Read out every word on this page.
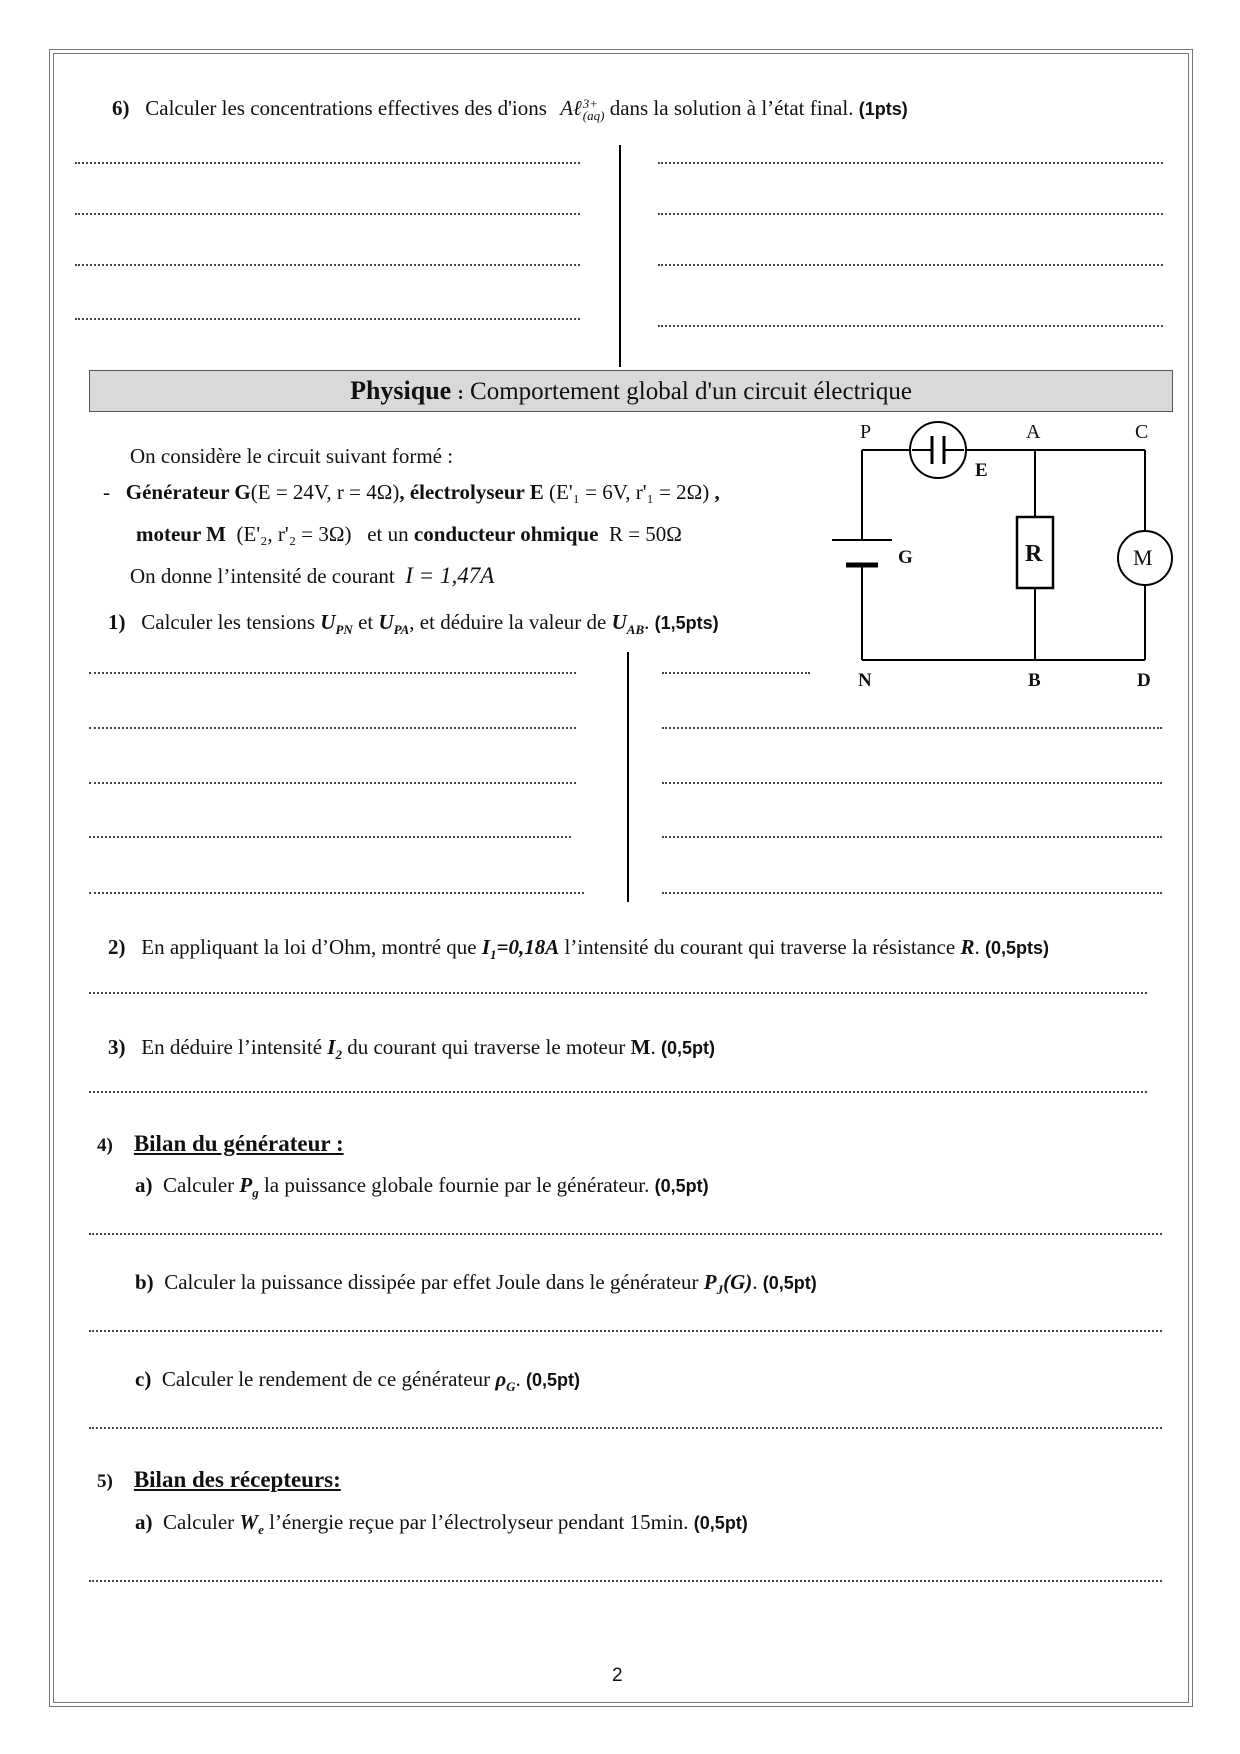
6) Calculer les concentrations effectives des d'ions Aℓ 3+
(aq) dans la solution à l’état final. (1pts)
Physique : Comportement global d'un circuit électrique
On considère le circuit suivant formé :
- Générateur G(E = 24V, r = 4Ω), électrolyseur E (E'₁ = 6V, r'₁ = 2Ω) ,
moteur M (E'₂, r'₂ = 3Ω) et un conducteur ohmique R = 50Ω
On donne l’intensité de courant I = 1,47A
P	A	C
E
G	R	M
N	B	D
1) Calculer les tensions $U_{PN}$ et $U_{PA}$, et déduire la valeur de $U_{AB}$. (1,5pts)
2) En appliquant la loi d’Ohm, montré que $I_1=0,18A$ l’intensité du courant qui traverse la résistance R. (0,5pts)
3) En déduire l’intensité $I_2$ du courant qui traverse le moteur M. (0,5pt)
4) Bilan du générateur :
a) Calculer $P_g$ la puissance globale fournie par le générateur. (0,5pt)
b) Calculer la puissance dissipée par effet Joule dans le générateur $P_J(G)$. (0,5pt)
c) Calculer le rendement de ce générateur $\rho_G$. (0,5pt)
5) Bilan des récepteurs:
a) Calculer $W_e$ l’énergie reçue par l’électrolyseur pendant 15min. (0,5pt)
2
